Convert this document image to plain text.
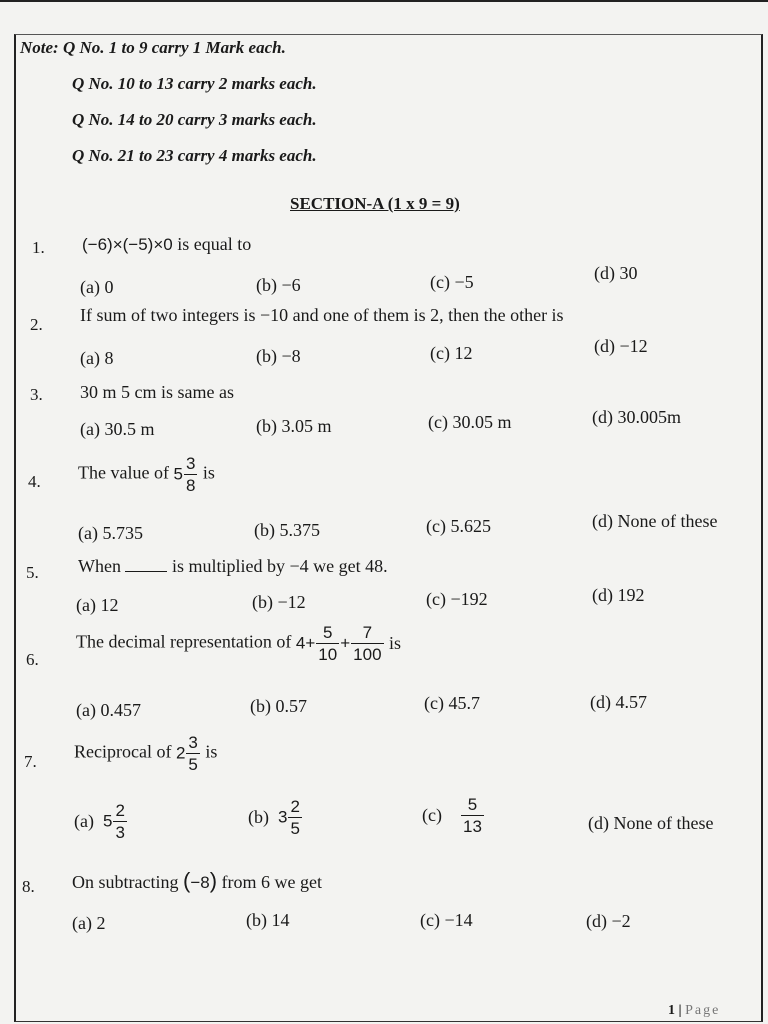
Note: Q No. 1 to 9 carry 1 Mark each.
Q No. 10 to 13 carry 2 marks each.
Q No. 14 to 20 carry 3 marks each.
Q No. 21 to 23 carry 4 marks each.
SECTION-A (1 x 9 = 9)
1. (−6)×(−5)×0 is equal to
(a) 0	(b) −6	(c) −5	(d) 30
2. If sum of two integers is −10 and one of them is 2, then the other is
(a) 8	(b) −8	(c) 12	(d) −12
3. 30 m 5 cm is same as
(a) 30.5 m	(b) 3.05 m	(c) 30.05 m	(d) 30.005m
4. The value of $5 \frac{3}{8}$ is
(a) 5.735	(b) 5.375	(c) 5.625	(d) None of these
5. When	is multiplied by −4 we get 48.
(a) 12	(b) −12	(c) −192	(d) 192
6.
The decimal representation of $4+ \frac{5}{10} + \frac{7}{100}$ is
(a) 0.457	(b) 0.57	(c) 45.7	(d) 4.57
7. Reciprocal of $2 \frac{3}{5}$ is
(a) $5 \frac{2}{3}$	(b) $3 \frac{2}{5}$	$(c) \frac{5}{13}$	(d) None of these
8. On subtracting (−8) from 6 we get
(a) 2	(b) 14	(c) −14	(d) −2
1 | Page
